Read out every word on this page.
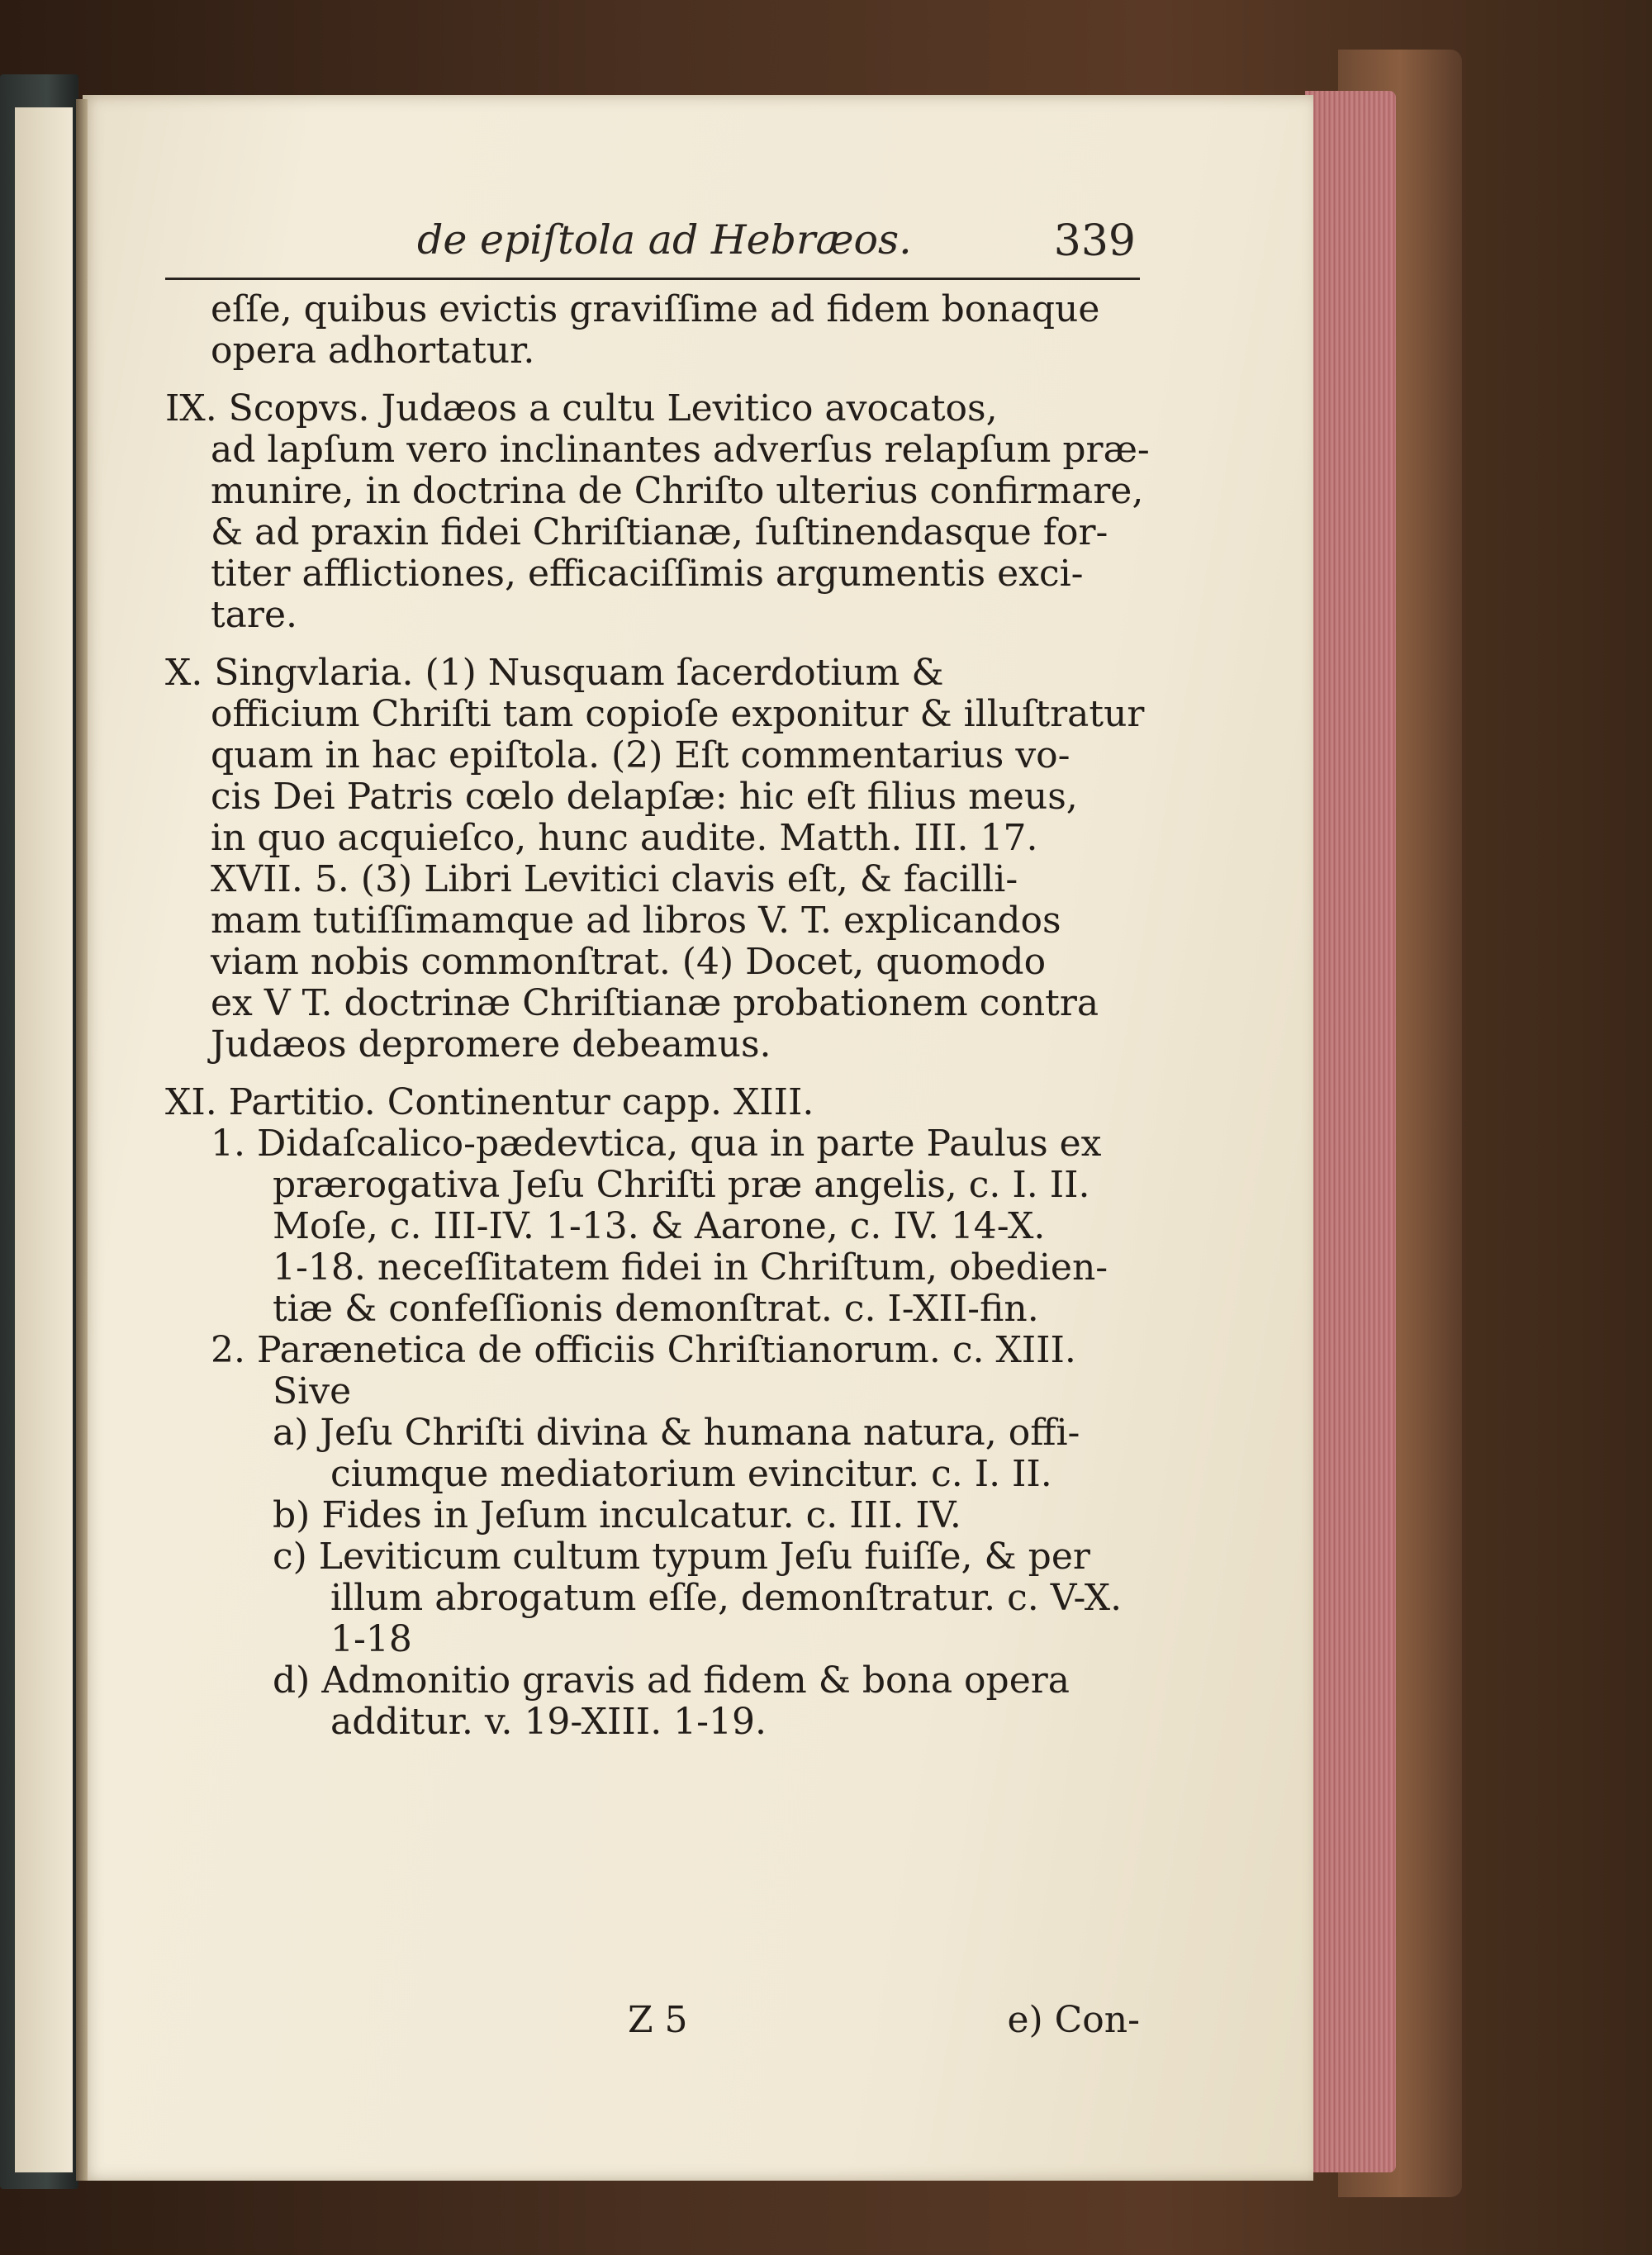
de epiſtola ad Hebræos.	339
eſſe, quibus evictis graviſſime ad fidem bonaque
opera adhortatur.
IX. Scopvs. Judæos a cultu Levitico avocatos,
ad lapſum vero inclinantes adverſus relapſum præ-
munire, in doctrina de Chriſto ulterius confirmare,
& ad praxin fidei Chriſtianæ, ſuſtinendasque for-
titer afflictiones, efficaciſſimis argumentis exci-
tare.
X. Singvlaria. (1) Nusquam ſacerdotium &
officium Chriſti tam copioſe exponitur & illuſtratur
quam in hac epiſtola. (2) Eſt commentarius vo-
cis Dei Patris cœlo delapſæ: hic eſt filius meus,
in quo acquieſco, hunc audite. Matth. III. 17.
XVII. 5. (3) Libri Levitici clavis eſt, & facilli-
mam tutiſſimamque ad libros V. T. explicandos
viam nobis commonſtrat. (4) Docet, quomodo
ex V T. doctrinæ Chriſtianæ probationem contra
Judæos depromere debeamus.
XI. Partitio. Continentur capp. XIII.
1. Didaſcalico-pædevtica, qua in parte Paulus ex
prærogativa Jeſu Chriſti præ angelis, c. I. II.
Moſe, c. III-IV. 1-13. & Aarone, c. IV. 14-X.
1-18. neceſſitatem fidei in Chriſtum, obedien-
tiæ & confeſſionis demonſtrat. c. I-XII-fin.
2. Parænetica de officiis Chriſtianorum. c. XIII.
Sive
a) Jeſu Chriſti divina & humana natura, offi-
ciumque mediatorium evincitur. c. I. II.
b) Fides in Jeſum inculcatur. c. III. IV.
c) Leviticum cultum typum Jeſu fuiſſe, & per
illum abrogatum eſſe, demonſtratur. c. V-X.
1-18
d) Admonitio gravis ad fidem & bona opera
additur. v. 19-XIII. 1-19.
Z 5	e) Con-
